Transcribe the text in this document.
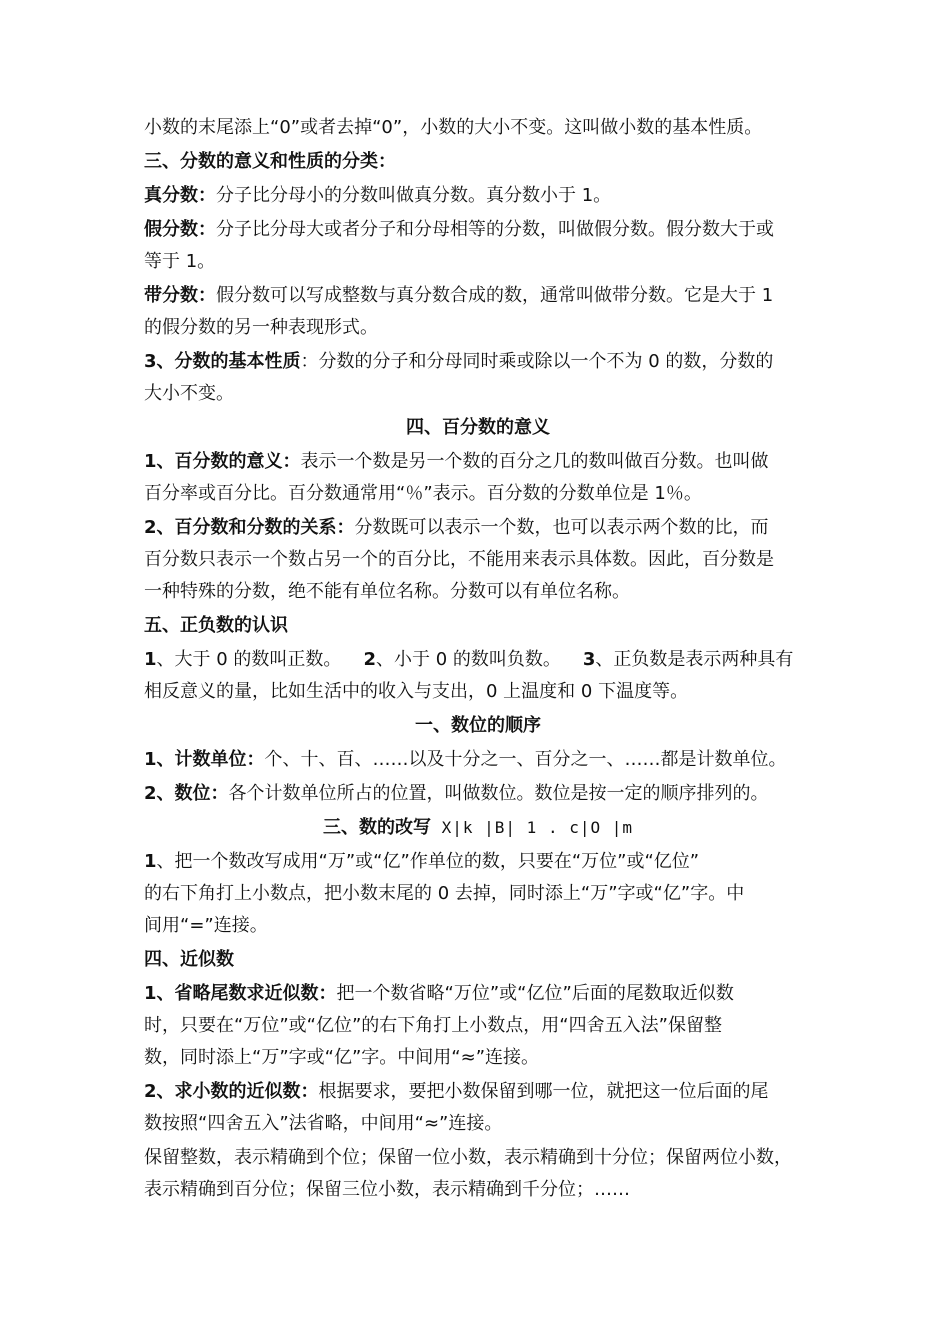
小数的末尾添上“0”或者去掉“0”，小数的大小不变。这叫做小数的基本性质。

三、分数的意义和性质的分类：

真分数：分子比分母小的分数叫做真分数。真分数小于 1。

假分数：分子比分母大或者分子和分母相等的分数，叫做假分数。假分数大于或
等于 1。

带分数：假分数可以写成整数与真分数合成的数，通常叫做带分数。它是大于 1
的假分数的另一种表现形式。

3、分数的基本性质：分数的分子和分母同时乘或除以一个不为 0 的数，分数的
大小不变。

四、百分数的意义

1、百分数的意义：表示一个数是另一个数的百分之几的数叫做百分数。也叫做
百分率或百分比。百分数通常用“％”表示。百分数的分数单位是 1％。

2、百分数和分数的关系：分数既可以表示一个数，也可以表示两个数的比，而
百分数只表示一个数占另一个的百分比，不能用来表示具体数。因此，百分数是
一种特殊的分数，绝不能有单位名称。分数可以有单位名称。

五、正负数的认识

1、大于 0 的数叫正数。 2、小于 0 的数叫负数。 3、正负数是表示两种具有
相反意义的量，比如生活中的收入与支出，0 上温度和 0 下温度等。

一、数位的顺序

1、计数单位：个、十、百、……以及十分之一、百分之一、……都是计数单位。

2、数位：各个计数单位所占的位置，叫做数位。数位是按一定的顺序排列的。

三、数的改写 X|k |B| 1 . c|O |m

1、把一个数改写成用“万”或“亿”作单位的数，只要在“万位”或“亿位”
的右下角打上小数点，把小数末尾的 0 去掉，同时添上“万”字或“亿”字。中
间用“=”连接。

四、近似数

1、省略尾数求近似数：把一个数省略“万位”或“亿位”后面的尾数取近似数
时，只要在“万位”或“亿位”的右下角打上小数点，用“四舍五入法”保留整
数，同时添上“万”字或“亿”字。中间用“≈”连接。

2、求小数的近似数：根据要求，要把小数保留到哪一位，就把这一位后面的尾
数按照“四舍五入”法省略，中间用“≈”连接。

保留整数，表示精确到个位；保留一位小数，表示精确到十分位；保留两位小数，
表示精确到百分位；保留三位小数，表示精确到千分位；……
